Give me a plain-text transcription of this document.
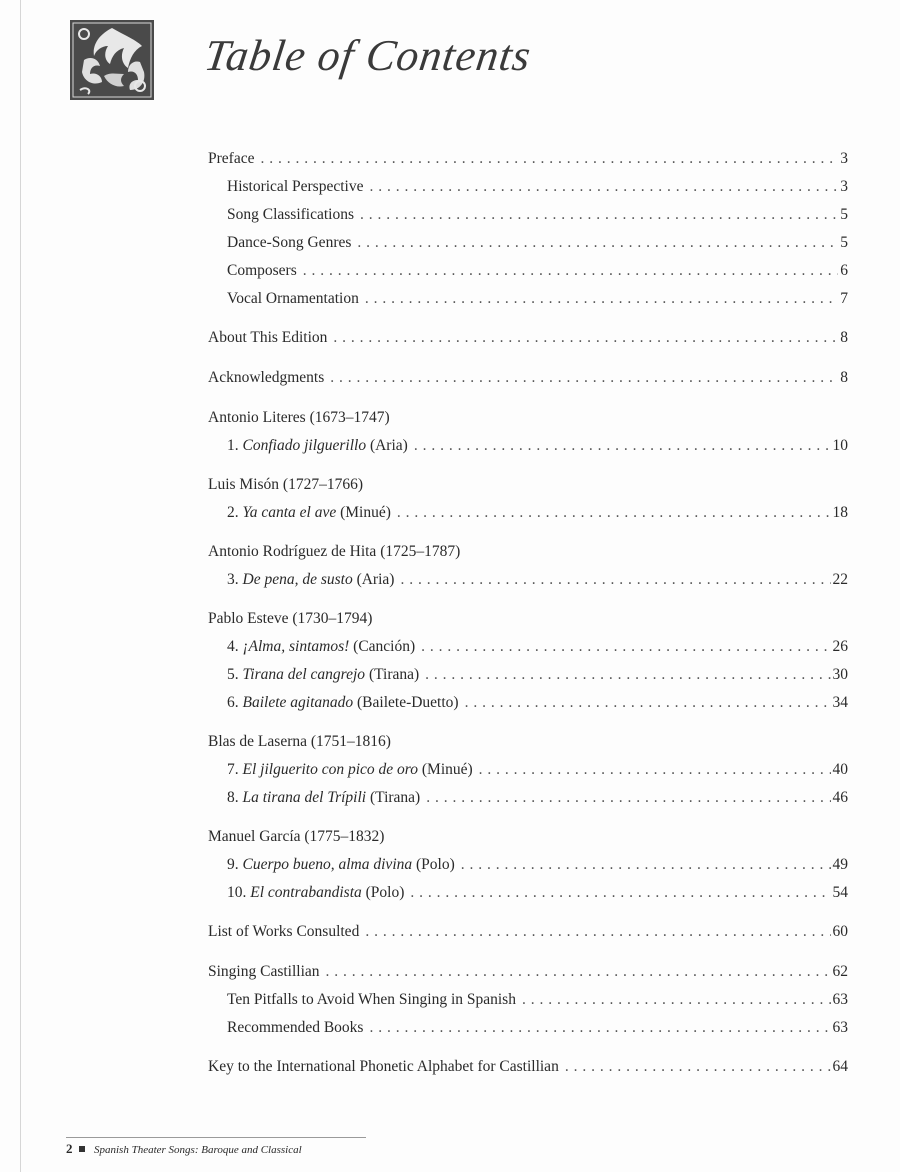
Table of Contents
Preface . . .	3
Historical Perspective . . .	3
Song Classifications . . .	5
Dance-Song Genres . . .	5
Composers . . .	6
Vocal Ornamentation . . .	7
About This Edition . . .	8
Acknowledgments . . .	8
Antonio Literes (1673–1747)
1. Confiado jilguerillo (Aria) . . .	10
Luis Misón (1727–1766)
2. Ya canta el ave (Minué) . . .	18
Antonio Rodríguez de Hita (1725–1787)
3. De pena, de susto (Aria) . . .	22
Pablo Esteve (1730–1794)
4. ¡Alma, sintamos! (Canción) . . .	26
5. Tirana del cangrejo (Tirana) . . .	30
6. Bailete agitanado (Bailete-Duetto) . . .	34
Blas de Laserna (1751–1816)
7. El jilguerito con pico de oro (Minué) . . .	40
8. La tirana del Trípili (Tirana) . . .	46
Manuel García (1775–1832)
9. Cuerpo bueno, alma divina (Polo) . . .	49
10. El contrabandista (Polo) . . .	54
List of Works Consulted . . .	60
Singing Castillian . . .	62
Ten Pitfalls to Avoid When Singing in Spanish . . .	63
Recommended Books . . .	63
Key to the International Phonetic Alphabet for Castillian . . .	64
2 Spanish Theater Songs: Baroque and Classical
